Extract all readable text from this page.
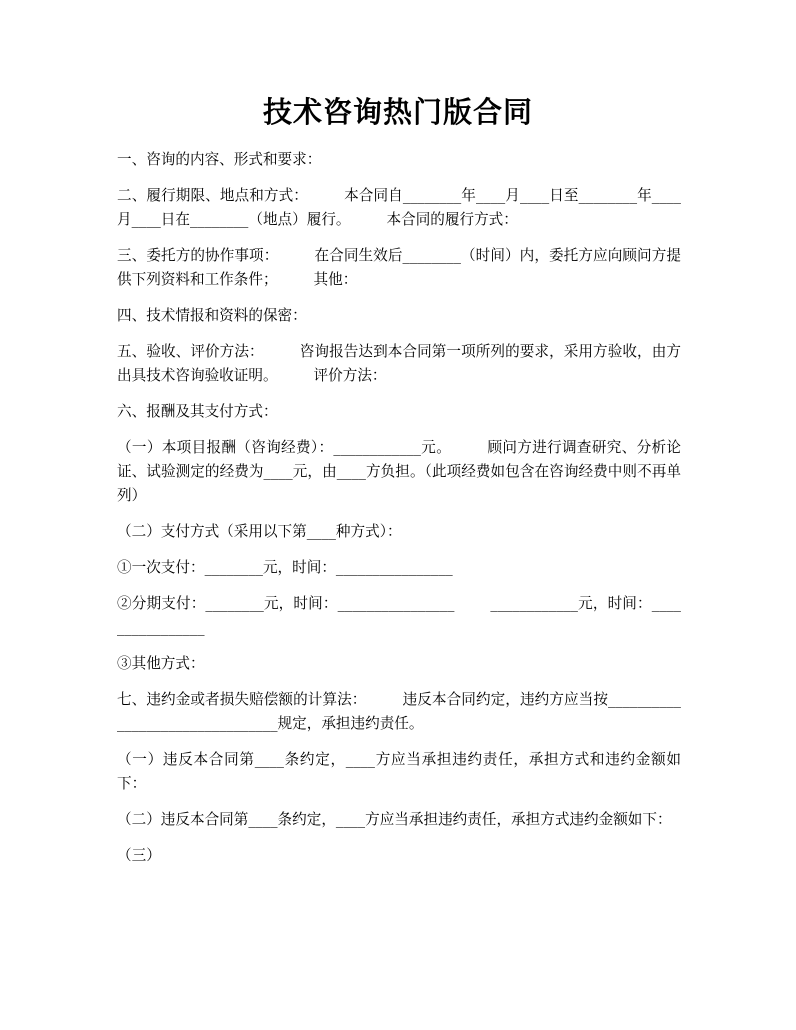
技术咨询热门版合同

一、咨询的内容、形式和要求：

二、履行期限、地点和方式： 本合同自________年____月____日至________年____月____日在________（地点）履行。 本合同的履行方式：

三、委托方的协作事项： 在合同生效后________（时间）内，委托方应向顾问方提供下列资料和工作条件； 其他：

四、技术情报和资料的保密：

五、验收、评价方法： 咨询报告达到本合同第一项所列的要求，采用方验收，由方出具技术咨询验收证明。 评价方法：

六、报酬及其支付方式：

（一）本项目报酬（咨询经费）：____________元。 顾问方进行调查研究、分析论证、试验测定的经费为____元，由____方负担。（此项经费如包含在咨询经费中则不再单列）

（二）支付方式（采用以下第____种方式）：

①一次支付：________元，时间：________________

②分期支付：________元，时间：________________ ____________元，时间：________________

③其他方式：

七、违约金或者损失赔偿额的计算法： 违反本合同约定，违约方应当按________________________________规定，承担违约责任。

（一）违反本合同第____条约定，____方应当承担违约责任，承担方式和违约金额如下：

（二）违反本合同第____条约定，____方应当承担违约责任，承担方式违约金额如下：

（三）
